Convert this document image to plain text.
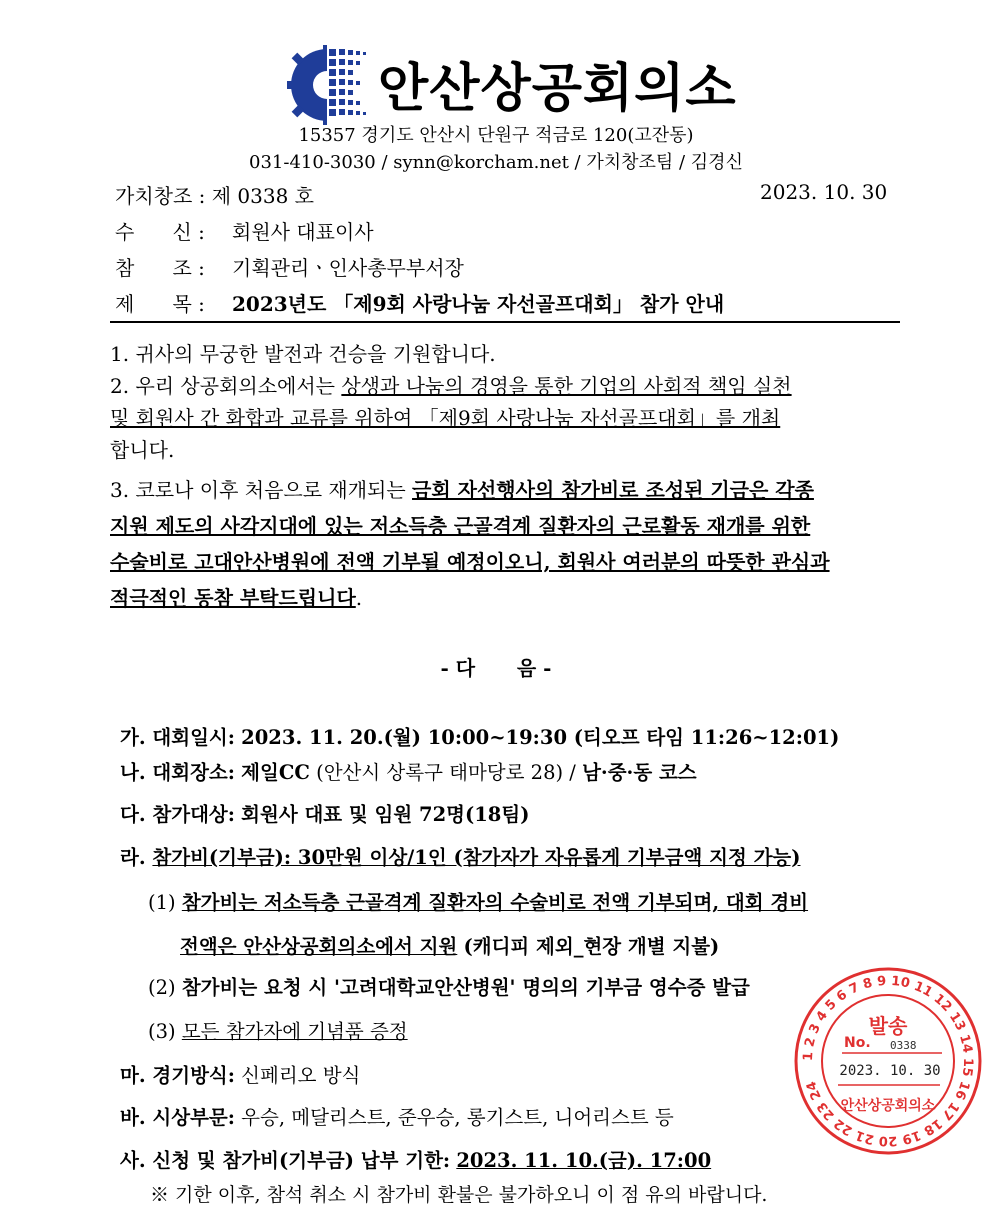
안산상공회의소
15357 경기도 안산시 단원구 적금로 120(고잔동)
031-410-3030 / synn@korcham.net / 가치창조팀 / 김경신
가치창조 : 제 0338 호	2023. 10. 30
수      신 : 회원사 대표이사
참      조 : 기획관리ㆍ인사총무부서장
제      목 : 2023년도 「제9회 사랑나눔 자선골프대회」 참가 안내
1. 귀사의 무궁한 발전과 건승을 기원합니다.
2. 우리 상공회의소에서는 상생과 나눔의 경영을 통한 기업의 사회적 책임 실천
및 회원사 간 화합과 교류를 위하여 「제9회 사랑나눔 자선골프대회」를 개최
합니다.
3. 코로나 이후 처음으로 재개되는 금회 자선행사의 참가비로 조성된 기금은 각종
지원 제도의 사각지대에 있는 저소득층 근골격계 질환자의 근로활동 재개를 위한
수술비로 고대안산병원에 전액 기부될 예정이오니, 회원사 여러분의 따뜻한 관심과
적극적인 동참 부탁드립니다.
- 다      음 -
가. 대회일시: 2023. 11. 20.(월) 10:00~19:30 (티오프 타임 11:26~12:01)
나. 대회장소: 제일CC (안산시 상록구 태마당로 28) / 남·중·동 코스
다. 참가대상: 회원사 대표 및 임원 72명(18팀)
라. 참가비(기부금): 30만원 이상/1인 (참가자가 자유롭게 기부금액 지정 가능)
(1) 참가비는 저소득층 근골격계 질환자의 수술비로 전액 기부되며, 대회 경비
전액은 안산상공회의소에서 지원 (캐디피 제외_현장 개별 지불)
(2) 참가비는 요청 시 '고려대학교안산병원' 명의의 기부금 영수증 발급
(3) 모든 참가자에 기념품 증정
마. 경기방식: 신페리오 방식
바. 시상부문: 우승, 메달리스트, 준우승, 롱기스트, 니어리스트 등
사. 신청 및 참가비(기부금) 납부 기한: 2023. 11. 10.(금). 17:00
※ 기한 이후, 참석 취소 시 참가비 환불은 불가하오니 이 점 유의 바랍니다.
1 2 3 4 5 6 7 8 9 10 11 12 13 14 15 16 17 18 19 20 21 22 23 24
발송
No. 0338
2023. 10. 30
안산상공회의소
